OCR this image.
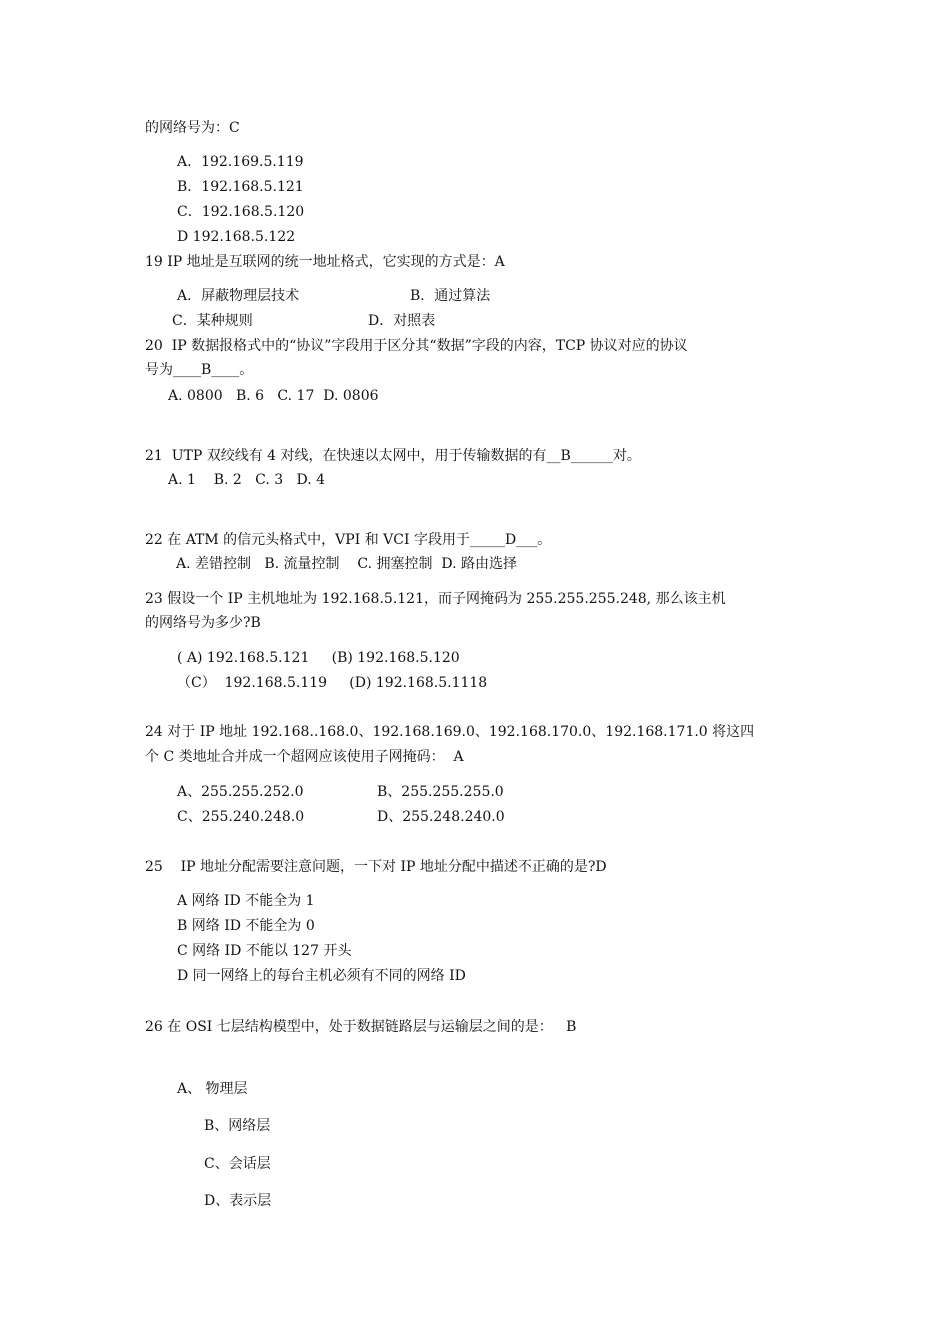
的网络号为：C
A．192.169.5.119
B．192.168.5.121
C．192.168.5.120
D 192.168.5.122
19 IP 地址是互联网的统一地址格式，它实现的方式是：A
A．屏蔽物理层技术	B．通过算法
C．某种规则	D．对照表
20  IP 数据报格式中的“协议”字段用于区分其“数据”字段的内容，TCP 协议对应的协议
号为____B____。
A. 0800   B. 6   C. 17  D. 0806
21  UTP 双绞线有 4 对线，在快速以太网中，用于传输数据的有__B______对。
A. 1    B. 2   C. 3   D. 4
22 在 ATM 的信元头格式中，VPI 和 VCI 字段用于_____D___。
A. 差错控制   B. 流量控制    C. 拥塞控制  D. 路由选择
23 假设一个 IP 主机地址为 192.168.5.121，而子网掩码为 255.255.255.248, 那么该主机
的网络号为多少?B
( A) 192.168.5.121     (B) 192.168.5.120
（C）  192.168.5.119     (D) 192.168.5.1118
24 对于 IP 地址 192.168..168.0、192.168.169.0、192.168.170.0、192.168.171.0 将这四
个 C 类地址合并成一个超网应该使用子网掩码：  A
A、255.255.252.0	B、255.255.255.0
C、255.240.248.0	D、255.248.240.0
25    IP 地址分配需要注意问题，一下对 IP 地址分配中描述不正确的是?D
A 网络 ID 不能全为 1
B 网络 ID 不能全为 0
C 网络 ID 不能以 127 开头
D 同一网络上的每台主机必须有不同的网络 ID
26 在 OSI 七层结构模型中，处于数据链路层与运输层之间的是：   B
A、 物理层
B、网络层
C、会话层
D、表示层
